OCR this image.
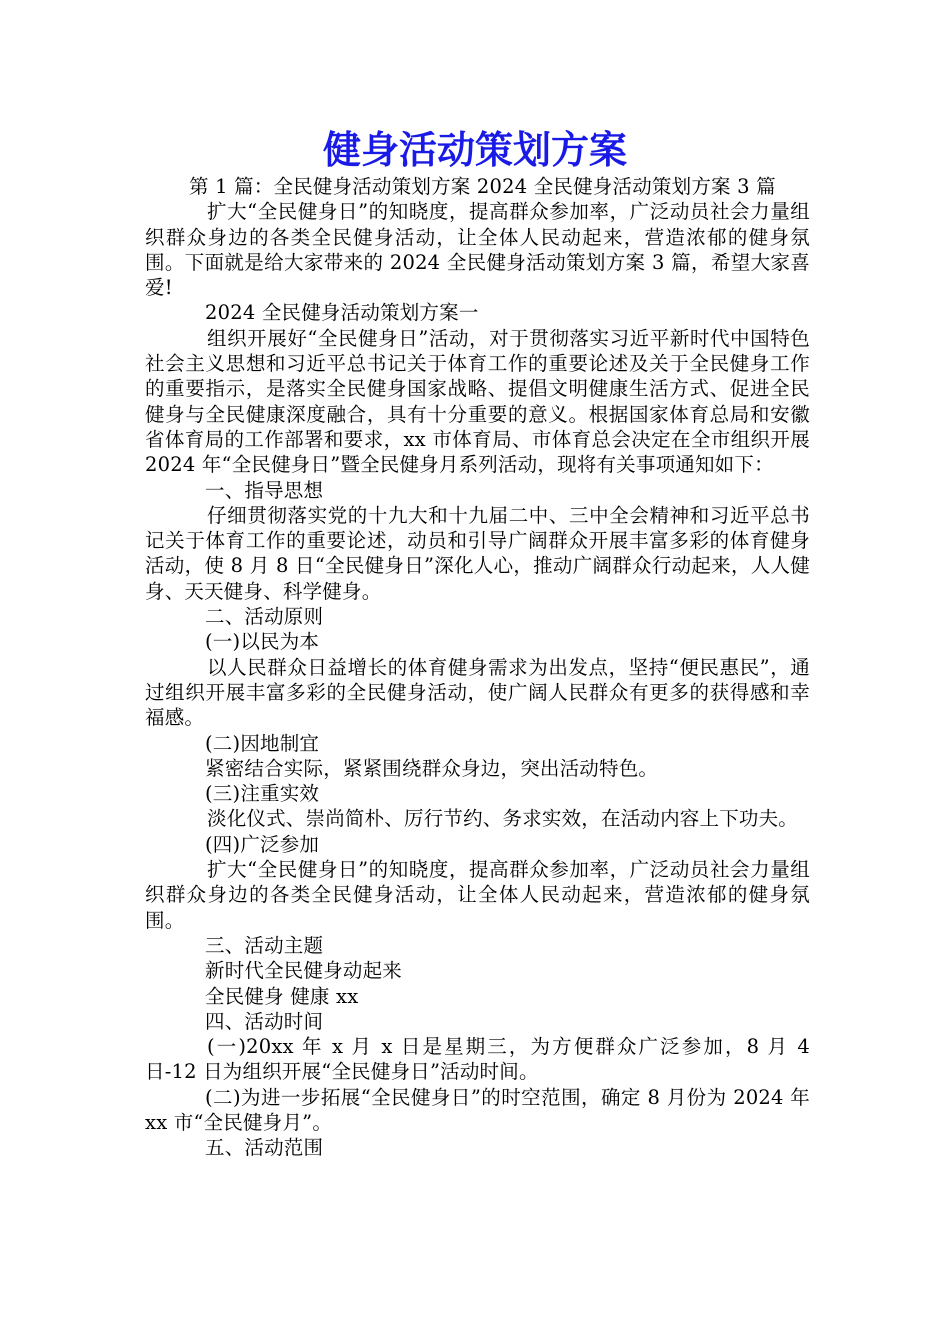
健身活动策划方案

第 1 篇：全民健身活动策划方案 2024 全民健身活动策划方案 3 篇

扩大“全民健身日”的知晓度，提高群众参加率，广泛动员社会力量组织群众身边的各类全民健身活动，让全体人民动起来，营造浓郁的健身氛围。下面就是给大家带来的 2024 全民健身活动策划方案 3 篇，希望大家喜爱!

2024 全民健身活动策划方案一

组织开展好“全民健身日”活动，对于贯彻落实习近平新时代中国特色社会主义思想和习近平总书记关于体育工作的重要论述及关于全民健身工作的重要指示，是落实全民健身国家战略、提倡文明健康生活方式、促进全民健身与全民健康深度融合，具有十分重要的意义。根据国家体育总局和安徽省体育局的工作部署和要求，xx 市体育局、市体育总会决定在全市组织开展 2024 年“全民健身日”暨全民健身月系列活动，现将有关事项通知如下：

一、指导思想

仔细贯彻落实党的十九大和十九届二中、三中全会精神和习近平总书记关于体育工作的重要论述，动员和引导广阔群众开展丰富多彩的体育健身活动，使 8 月 8 日“全民健身日”深化人心，推动广阔群众行动起来，人人健身、天天健身、科学健身。

二、活动原则

(一)以民为本

以人民群众日益增长的体育健身需求为出发点，坚持“便民惠民”，通过组织开展丰富多彩的全民健身活动，使广阔人民群众有更多的获得感和幸福感。

(二)因地制宜

紧密结合实际，紧紧围绕群众身边，突出活动特色。

(三)注重实效

淡化仪式、崇尚简朴、厉行节约、务求实效，在活动内容上下功夫。

(四)广泛参加

扩大“全民健身日”的知晓度，提高群众参加率，广泛动员社会力量组织群众身边的各类全民健身活动，让全体人民动起来，营造浓郁的健身氛围。

三、活动主题

新时代全民健身动起来

全民健身 健康 xx

四、活动时间

(一)20xx 年 x 月 x 日是星期三，为方便群众广泛参加，8 月 4 日-12 日为组织开展“全民健身日”活动时间。

(二)为进一步拓展“全民健身日”的时空范围，确定 8 月份为 2024 年 xx 市“全民健身月”。

五、活动范围
